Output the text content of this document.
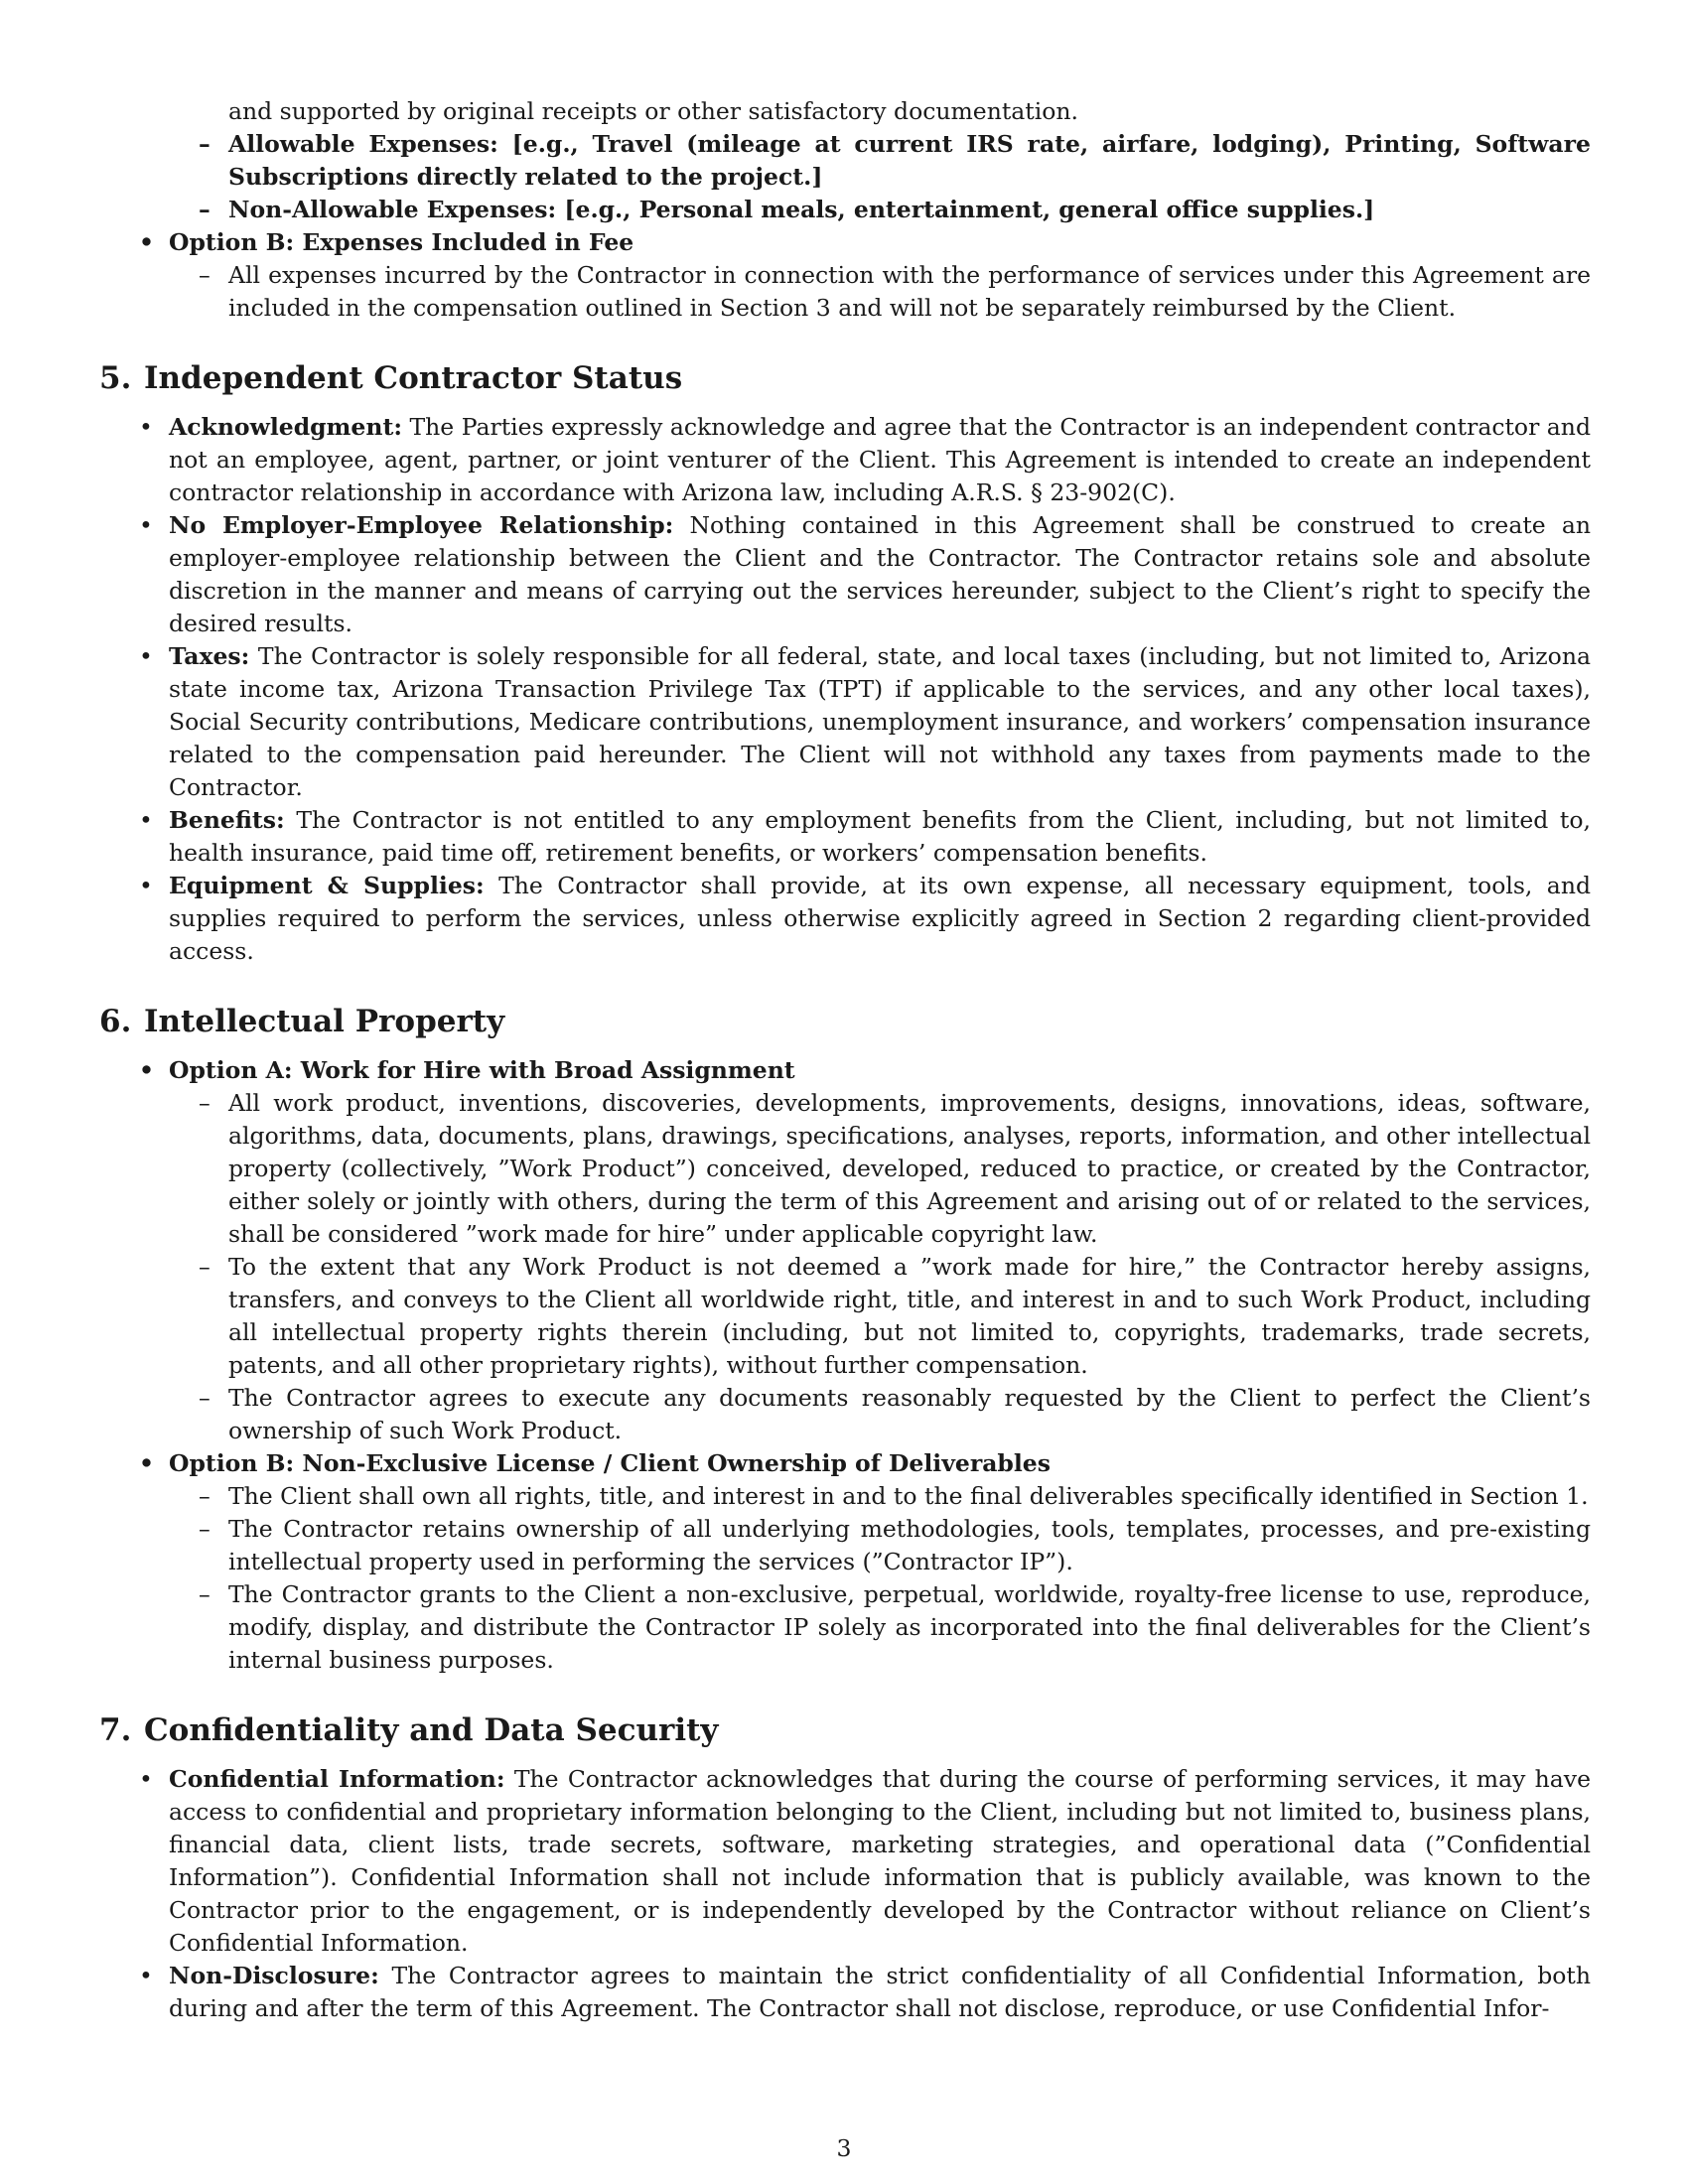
and supported by original receipts or other satisfactory documentation.

– Allowable Expenses: [e.g., Travel (mileage at current IRS rate, airfare, lodging), Printing, Software Subscriptions directly related to the project.]

– Non-Allowable Expenses: [e.g., Personal meals, entertainment, general office supplies.]

• Option B: Expenses Included in Fee

– All expenses incurred by the Contractor in connection with the performance of services under this Agreement are included in the compensation outlined in Section 3 and will not be separately reimbursed by the Client.

5. Independent Contractor Status

• Acknowledgment: The Parties expressly acknowledge and agree that the Contractor is an independent contractor and not an employee, agent, partner, or joint venturer of the Client. This Agreement is intended to create an independent contractor relationship in accordance with Arizona law, including A.R.S. § 23-902(C).

• No Employer-Employee Relationship: Nothing contained in this Agreement shall be construed to create an employer-employee relationship between the Client and the Contractor. The Contractor retains sole and absolute discretion in the manner and means of carrying out the services hereunder, subject to the Client’s right to specify the desired results.

• Taxes: The Contractor is solely responsible for all federal, state, and local taxes (including, but not limited to, Arizona state income tax, Arizona Transaction Privilege Tax (TPT) if applicable to the services, and any other local taxes), Social Security contributions, Medicare contributions, unemployment insurance, and workers’ compensation insurance related to the compensation paid hereunder. The Client will not withhold any taxes from payments made to the Contractor.

• Benefits: The Contractor is not entitled to any employment benefits from the Client, including, but not limited to, health insurance, paid time off, retirement benefits, or workers’ compensation benefits.

• Equipment & Supplies: The Contractor shall provide, at its own expense, all necessary equipment, tools, and supplies required to perform the services, unless otherwise explicitly agreed in Section 2 regarding client-provided access.

6. Intellectual Property

• Option A: Work for Hire with Broad Assignment

– All work product, inventions, discoveries, developments, improvements, designs, innovations, ideas, software, algorithms, data, documents, plans, drawings, specifications, analyses, reports, information, and other intellectual property (collectively, ”Work Product”) conceived, developed, reduced to practice, or created by the Contractor, either solely or jointly with others, during the term of this Agreement and arising out of or related to the services, shall be considered ”work made for hire” under applicable copyright law.

– To the extent that any Work Product is not deemed a ”work made for hire,” the Contractor hereby assigns, transfers, and conveys to the Client all worldwide right, title, and interest in and to such Work Product, including all intellectual property rights therein (including, but not limited to, copyrights, trademarks, trade secrets, patents, and all other proprietary rights), without further compensation.

– The Contractor agrees to execute any documents reasonably requested by the Client to perfect the Client’s ownership of such Work Product.

• Option B: Non-Exclusive License / Client Ownership of Deliverables

– The Client shall own all rights, title, and interest in and to the final deliverables specifically identified in Section 1.

– The Contractor retains ownership of all underlying methodologies, tools, templates, processes, and pre-existing intellectual property used in performing the services (”Contractor IP”).

– The Contractor grants to the Client a non-exclusive, perpetual, worldwide, royalty-free license to use, reproduce, modify, display, and distribute the Contractor IP solely as incorporated into the final deliverables for the Client’s internal business purposes.

7. Confidentiality and Data Security

• Confidential Information: The Contractor acknowledges that during the course of performing services, it may have access to confidential and proprietary information belonging to the Client, including but not limited to, business plans, financial data, client lists, trade secrets, software, marketing strategies, and operational data (”Confidential Information”). Confidential Information shall not include information that is publicly available, was known to the Contractor prior to the engagement, or is independently developed by the Contractor without reliance on Client’s Confidential Information.

• Non-Disclosure: The Contractor agrees to maintain the strict confidentiality of all Confidential Information, both during and after the term of this Agreement. The Contractor shall not disclose, reproduce, or use Confidential Infor-

3
